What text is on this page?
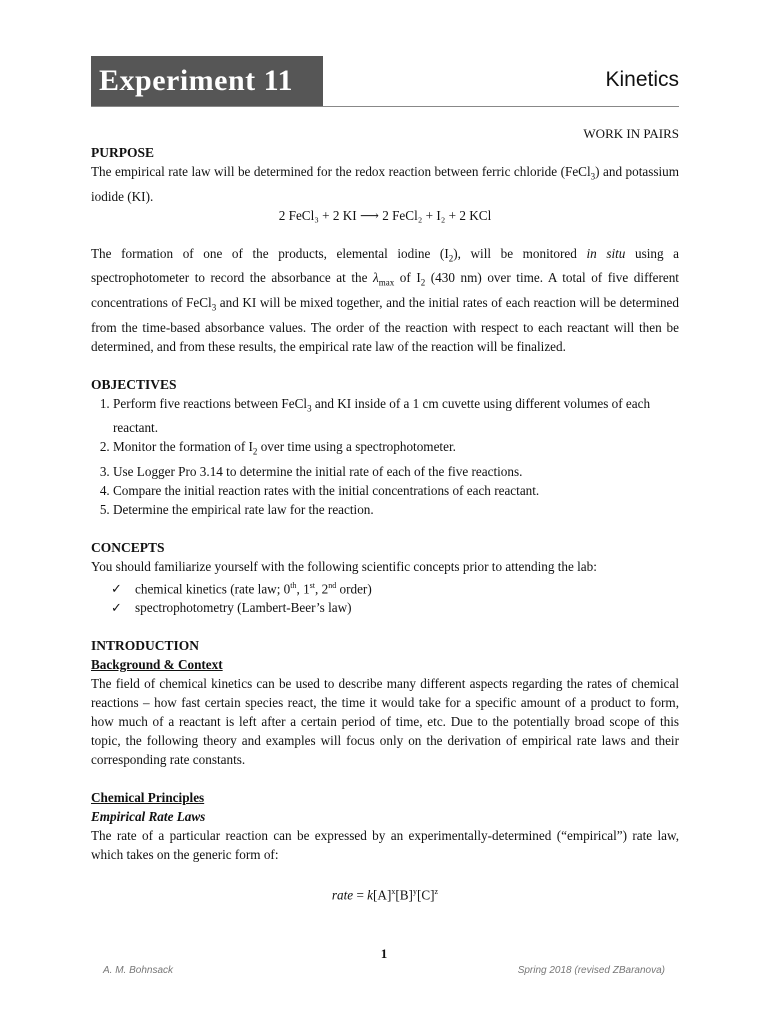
Experiment 11	Kinetics
WORK IN PAIRS
PURPOSE

The empirical rate law will be determined for the redox reaction between ferric chloride (FeCl$_3$) and potassium iodide (KI).

2 FeCl₃ + 2 KI ⟶ 2 FeCl₂ + I₂ + 2 KCl

The formation of one of the products, elemental iodine $(I_2)$, will be monitored in situ using a spectrophotometer to record the absorbance at the $\lambda_{max}$ of $I_2$ (430 nm) over time. A total of five different concentrations of FeCl$_3$ and KI will be mixed together, and the initial rates of each reaction will be determined from the time-based absorbance values. The order of the reaction with respect to each reactant will then be determined, and from these results, the empirical rate law of the reaction will be finalized.

OBJECTIVES
1. Perform five reactions between FeCl$_3$ and KI inside of a 1 cm cuvette using different volumes of each reactant.
2. Monitor the formation of $I_2$ over time using a spectrophotometer.
3. Use Logger Pro 3.14 to determine the initial rate of each of the five reactions.
4. Compare the initial reaction rates with the initial concentrations of each reactant.
5. Determine the empirical rate law for the reaction.
CONCEPTS

You should familiarize yourself with the following scientific concepts prior to attending the lab:

✓ chemical kinetics (rate law; 0th, 1st, 2nd order)
✓ spectrophotometry (Lambert-Beer’s law)
INTRODUCTION
Background & Context

The field of chemical kinetics can be used to describe many different aspects regarding the rates of chemical reactions – how fast certain species react, the time it would take for a specific amount of a product to form, how much of a reactant is left after a certain period of time, etc. Due to the potentially broad scope of this topic, the following theory and examples will focus only on the derivation of empirical rate laws and their corresponding rate constants.

Chemical Principles
Empirical Rate Laws

The rate of a particular reaction can be expressed by an experimentally-determined (“empirical”) rate law, which takes on the generic form of:

rate = $k[A]^x[B]^y[C]^z$
1
A. M. Bohnsack	Spring 2018 (revised ZBaranova)
